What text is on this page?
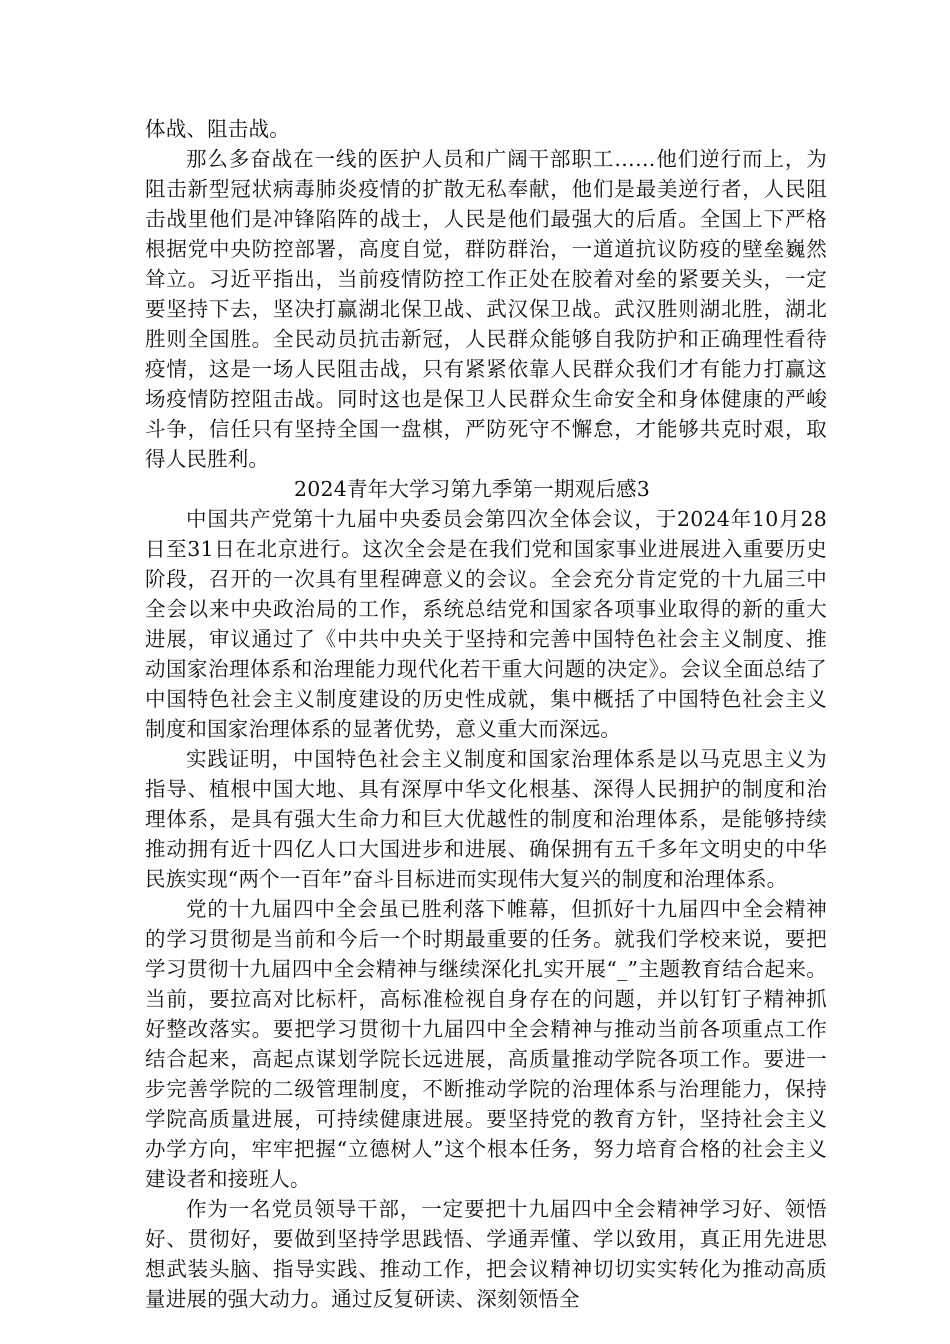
体战、阻击战。

那么多奋战在一线的医护人员和广阔干部职工……他们逆行而上，为阻击新型冠状病毒肺炎疫情的扩散无私奉献，他们是最美逆行者，人民阻击战里他们是冲锋陷阵的战士，人民是他们最强大的后盾。全国上下严格根据党中央防控部署，高度自觉，群防群治，一道道抗议防疫的壁垒巍然耸立。习近平指出，当前疫情防控工作正处在胶着对垒的紧要关头，一定要坚持下去，坚决打赢湖北保卫战、武汉保卫战。武汉胜则湖北胜，湖北胜则全国胜。全民动员抗击新冠，人民群众能够自我防护和正确理性看待疫情，这是一场人民阻击战，只有紧紧依靠人民群众我们才有能力打赢这场疫情防控阻击战。同时这也是保卫人民群众生命安全和身体健康的严峻斗争，信任只有坚持全国一盘棋，严防死守不懈怠，才能够共克时艰，取得人民胜利。

2024青年大学习第九季第一期观后感3

中国共产党第十九届中央委员会第四次全体会议，于2024年10月28日至31日在北京进行。这次全会是在我们党和国家事业进展进入重要历史阶段，召开的一次具有里程碑意义的会议。全会充分肯定党的十九届三中全会以来中央政治局的工作，系统总结党和国家各项事业取得的新的重大进展，审议通过了《中共中央关于坚持和完善中国特色社会主义制度、推动国家治理体系和治理能力现代化若干重大问题的决定》。会议全面总结了中国特色社会主义制度建设的历史性成就，集中概括了中国特色社会主义制度和国家治理体系的显著优势，意义重大而深远。

实践证明，中国特色社会主义制度和国家治理体系是以马克思主义为指导、植根中国大地、具有深厚中华文化根基、深得人民拥护的制度和治理体系，是具有强大生命力和巨大优越性的制度和治理体系，是能够持续推动拥有近十四亿人口大国进步和进展、确保拥有五千多年文明史的中华民族实现“两个一百年”奋斗目标进而实现伟大复兴的制度和治理体系。

党的十九届四中全会虽已胜利落下帷幕，但抓好十九届四中全会精神的学习贯彻是当前和今后一个时期最重要的任务。就我们学校来说，要把学习贯彻十九届四中全会精神与继续深化扎实开展“_”主题教育结合起来。当前，要拉高对比标杆，高标准检视自身存在的问题，并以钉钉子精神抓好整改落实。要把学习贯彻十九届四中全会精神与推动当前各项重点工作结合起来，高起点谋划学院长远进展，高质量推动学院各项工作。要进一步完善学院的二级管理制度，不断推动学院的治理体系与治理能力，保持学院高质量进展，可持续健康进展。要坚持党的教育方针，坚持社会主义办学方向，牢牢把握“立德树人”这个根本任务，努力培育合格的社会主义建设者和接班人。

作为一名党员领导干部，一定要把十九届四中全会精神学习好、领悟好、贯彻好，要做到坚持学思践悟、学通弄懂、学以致用，真正用先进思想武装头脑、指导实践、推动工作，把会议精神切切实实转化为推动高质量进展的强大动力。通过反复研读、深刻领悟全
